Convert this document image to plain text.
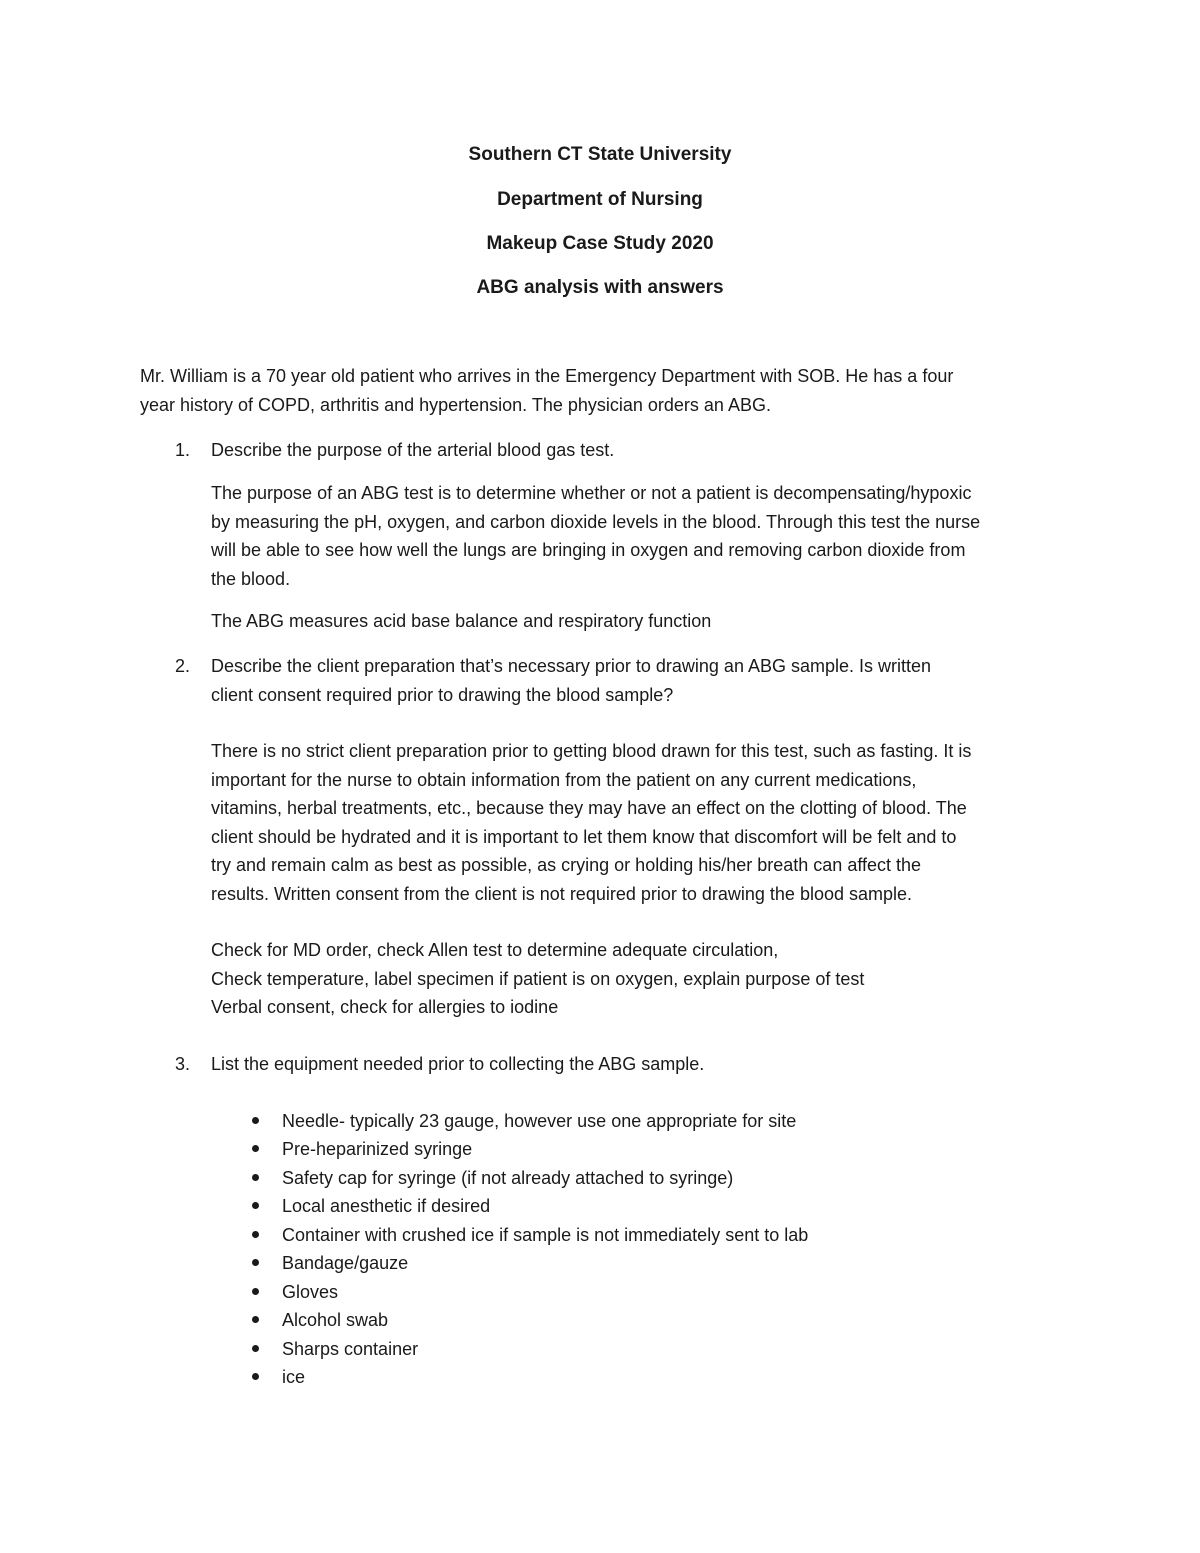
Southern CT State University
Department of Nursing
Makeup Case Study 2020
ABG analysis with answers
Mr. William is a 70 year old patient who arrives in the Emergency Department with SOB. He has a four
year history of COPD, arthritis and hypertension. The physician orders an ABG.
1. Describe the purpose of the arterial blood gas test.
The purpose of an ABG test is to determine whether or not a patient is decompensating/hypoxic
by measuring the pH, oxygen, and carbon dioxide levels in the blood. Through this test the nurse
will be able to see how well the lungs are bringing in oxygen and removing carbon dioxide from
the blood.
The ABG measures acid base balance and respiratory function
2. Describe the client preparation that’s necessary prior to drawing an ABG sample. Is written
client consent required prior to drawing the blood sample?
There is no strict client preparation prior to getting blood drawn for this test, such as fasting. It is
important for the nurse to obtain information from the patient on any current medications,
vitamins, herbal treatments, etc., because they may have an effect on the clotting of blood. The
client should be hydrated and it is important to let them know that discomfort will be felt and to
try and remain calm as best as possible, as crying or holding his/her breath can affect the
results. Written consent from the client is not required prior to drawing the blood sample.
Check for MD order, check Allen test to determine adequate circulation,
Check temperature, label specimen if patient is on oxygen, explain purpose of test
Verbal consent, check for allergies to iodine
3. List the equipment needed prior to collecting the ABG sample.
Needle- typically 23 gauge, however use one appropriate for site
Pre-heparinized syringe
Safety cap for syringe (if not already attached to syringe)
Local anesthetic if desired
Container with crushed ice if sample is not immediately sent to lab
Bandage/gauze
Gloves
Alcohol swab
Sharps container
ice
